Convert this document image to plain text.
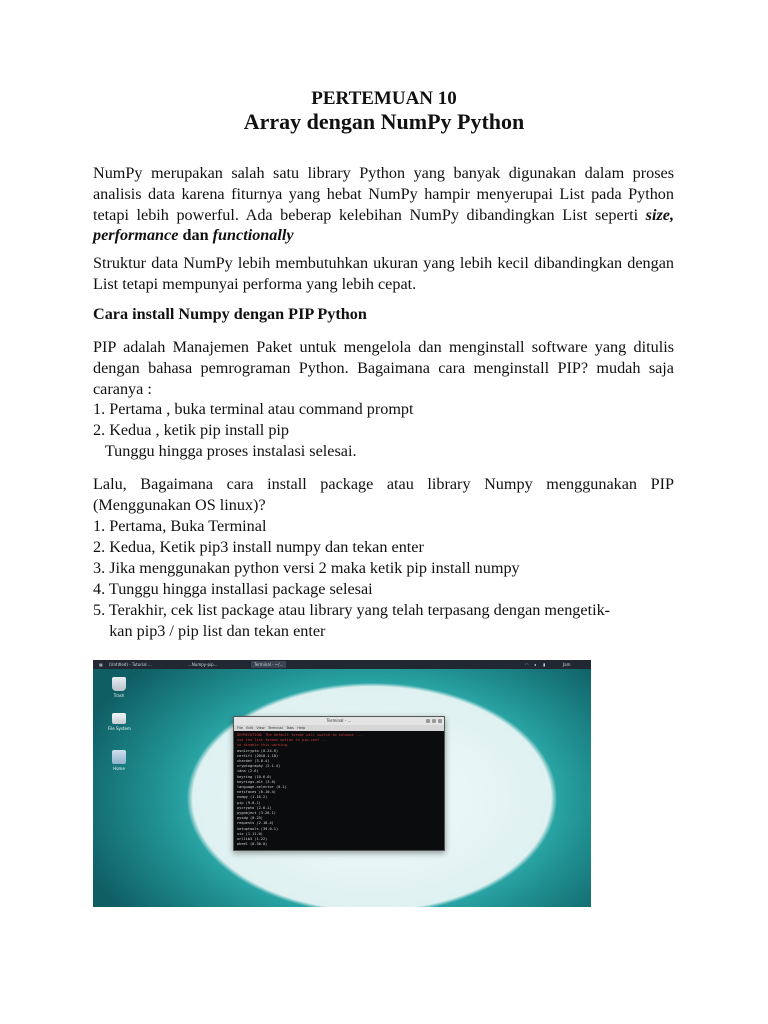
PERTEMUAN 10
Array dengan NumPy Python
NumPy merupakan salah satu library Python yang banyak digunakan dalam proses analisis data karena fiturnya yang hebat NumPy hampir menyerupai List pada Python tetapi lebih powerful. Ada beberap kelebihan NumPy dibandingkan List seperti size, performance dan functionally
Struktur data NumPy lebih membutuhkan ukuran yang lebih kecil dibandingkan dengan List tetapi mempunyai performa yang lebih cepat.
Cara install Numpy dengan PIP Python
PIP adalah Manajemen Paket untuk mengelola dan menginstall software yang ditulis dengan bahasa pemrograman Python. Bagaimana cara menginstall PIP? mudah saja caranya :
1. Pertama , buka terminal atau command prompt
2. Kedua , ketik pip install pip
Tunggu hingga proses instalasi selesai.
Lalu, Bagaimana cara install package atau library Numpy menggunakan PIP (Menggunakan OS linux)?
1. Pertama, Buka Terminal
2. Kedua, Ketik pip3 install numpy dan tekan enter
3. Jika menggunakan python versi 2 maka ketik pip install numpy
4. Tunggu hingga installasi package selesai
5. Terakhir, cek list package atau library yang telah terpasang dengan mengetik-
kan pip3 / pip list dan tekan enter
▦ (Untitled) - Tutorial ...	...Numpy-pip...	Terminal - ~/...	◠ ◂ ▮	Jam
Trash
File System
Home
Terminal - ...
File Edit View Terminal Tabs Help
DEPRECATION: The default format will switch to columns ...
use the list-format option in pip.conf ...
to disable this warning.
asn1crypto (0.24.0)
certifi (2018.1.18)
chardet (3.0.4)
cryptography (2.1.4)
idna (2.6)
keyring (10.6.0)
keyrings.alt (3.0)
language-selector (0.1)
netifaces (0.10.4)
numpy (1.16.2)
pip (9.0.1)
pycrypto (2.6.1)
pygobject (3.26.1)
pyxdg (0.25)
requests (2.18.4)
setuptools (39.0.1)
six (1.11.0)
urllib3 (1.22)
wheel (0.30.0)
